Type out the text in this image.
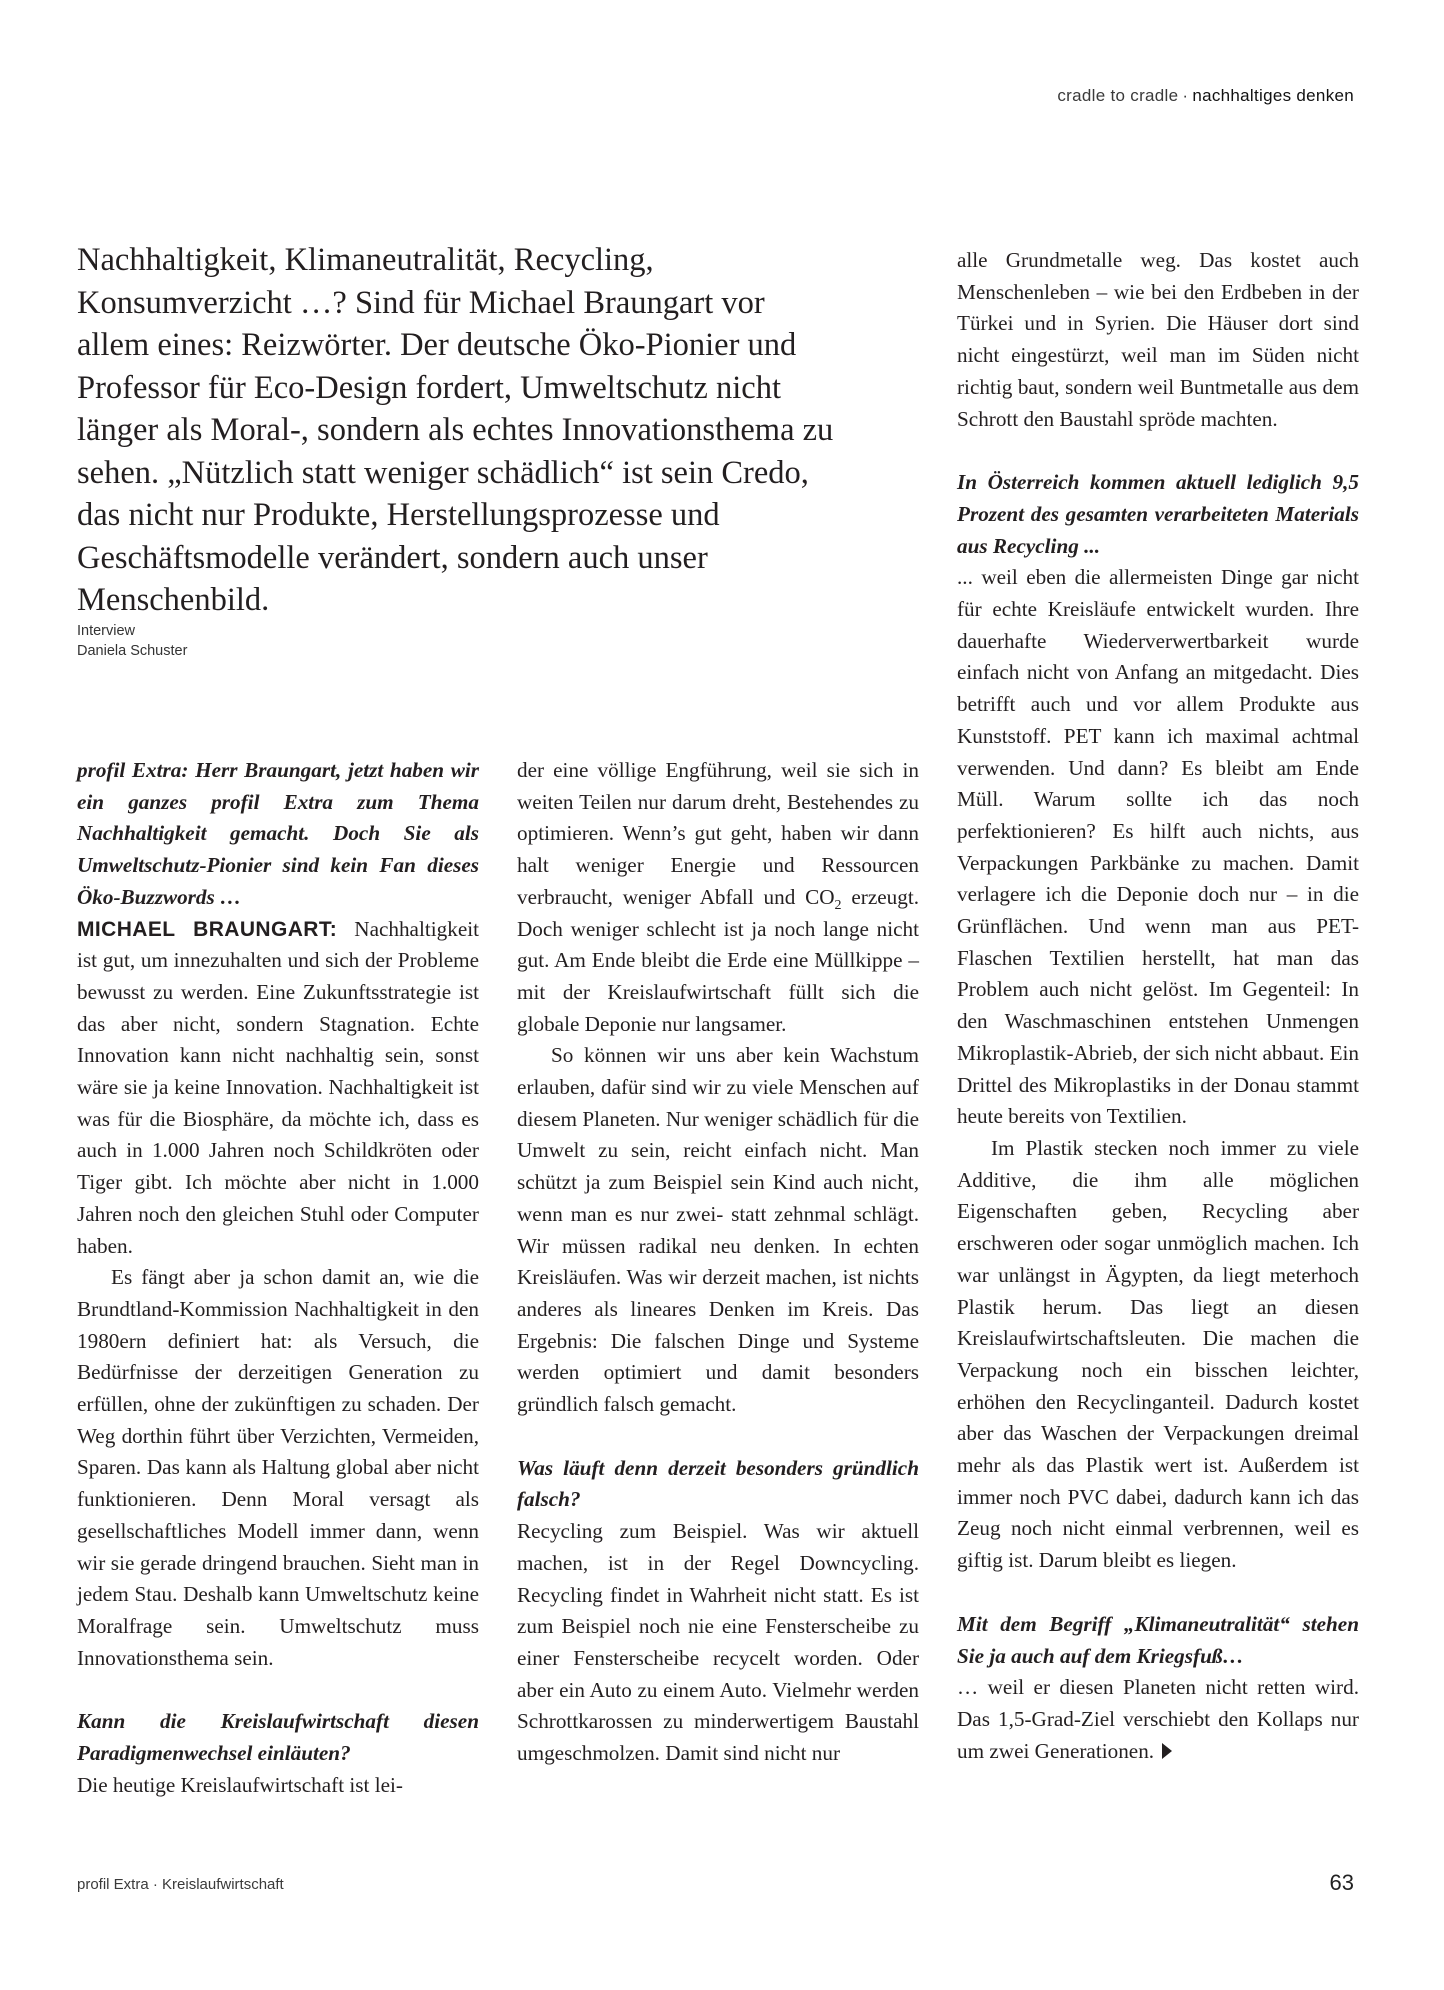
cradle to cradle · nachhaltiges denken

Nachhaltigkeit, Klimaneutralität, Recycling, Konsumverzicht …? Sind für Michael Braungart vor allem eines: Reizwörter. Der deutsche Öko-Pionier und Professor für Eco-Design fordert, Umweltschutz nicht länger als Moral-, sondern als echtes Innovationsthema zu sehen. „Nützlich statt weniger schädlich“ ist sein Credo, das nicht nur Produkte, Herstellungsprozesse und Geschäftsmodelle verändert, sondern auch unser Menschenbild.

Interview
Daniela Schuster

profil Extra: Herr Braungart, jetzt haben wir ein ganzes profil Extra zum Thema Nachhaltigkeit gemacht. Doch Sie als Umweltschutz-Pionier sind kein Fan dieses Öko-Buzzwords …

MICHAEL BRAUNGART: Nachhaltigkeit ist gut, um innezuhalten und sich der Probleme bewusst zu werden. Eine Zukunftsstrategie ist das aber nicht, sondern Stagnation. Echte Innovation kann nicht nachhaltig sein, sonst wäre sie ja keine Innovation. Nachhaltigkeit ist was für die Biosphäre, da möchte ich, dass es auch in 1.000 Jahren noch Schildkröten oder Tiger gibt. Ich möchte aber nicht in 1.000 Jahren noch den gleichen Stuhl oder Computer haben.

Es fängt aber ja schon damit an, wie die Brundtland-Kommission Nachhaltigkeit in den 1980ern definiert hat: als Versuch, die Bedürfnisse der derzeitigen Generation zu erfüllen, ohne der zukünftigen zu schaden. Der Weg dorthin führt über Verzichten, Vermeiden, Sparen. Das kann als Haltung global aber nicht funktionieren. Denn Moral versagt als gesellschaftliches Modell immer dann, wenn wir sie gerade dringend brauchen. Sieht man in jedem Stau. Deshalb kann Umweltschutz keine Moralfrage sein. Umweltschutz muss Innovationsthema sein.

Kann die Kreislaufwirtschaft diesen Paradigmenwechsel einläuten?

Die heutige Kreislaufwirtschaft ist lei-

der eine völlige Engführung, weil sie sich in weiten Teilen nur darum dreht, Bestehendes zu optimieren. Wenn’s gut geht, haben wir dann halt weniger Energie und Ressourcen verbraucht, weniger Abfall und $CO_2$ erzeugt. Doch weniger schlecht ist ja noch lange nicht gut. Am Ende bleibt die Erde eine Müllkippe – mit der Kreislaufwirtschaft füllt sich die globale Deponie nur langsamer.

So können wir uns aber kein Wachstum erlauben, dafür sind wir zu viele Menschen auf diesem Planeten. Nur weniger schädlich für die Umwelt zu sein, reicht einfach nicht. Man schützt ja zum Beispiel sein Kind auch nicht, wenn man es nur zwei- statt zehnmal schlägt. Wir müssen radikal neu denken. In echten Kreisläufen. Was wir derzeit machen, ist nichts anderes als lineares Denken im Kreis. Das Ergebnis: Die falschen Dinge und Systeme werden optimiert und damit besonders gründlich falsch gemacht.

Was läuft denn derzeit besonders gründlich falsch?

Recycling zum Beispiel. Was wir aktuell machen, ist in der Regel Downcycling. Recycling findet in Wahrheit nicht statt. Es ist zum Beispiel noch nie eine Fensterscheibe zu einer Fensterscheibe recycelt worden. Oder aber ein Auto zu einem Auto. Vielmehr werden Schrottkarossen zu minderwertigem Baustahl umgeschmolzen. Damit sind nicht nur

alle Grundmetalle weg. Das kostet auch Menschenleben – wie bei den Erdbeben in der Türkei und in Syrien. Die Häuser dort sind nicht eingestürzt, weil man im Süden nicht richtig baut, sondern weil Buntmetalle aus dem Schrott den Baustahl spröde machten.

In Österreich kommen aktuell lediglich 9,5 Prozent des gesamten verarbeiteten Materials aus Recycling ...

... weil eben die allermeisten Dinge gar nicht für echte Kreisläufe entwickelt wurden. Ihre dauerhafte Wiederverwertbarkeit wurde einfach nicht von Anfang an mitgedacht. Dies betrifft auch und vor allem Produkte aus Kunststoff. PET kann ich maximal achtmal verwenden. Und dann? Es bleibt am Ende Müll. Warum sollte ich das noch perfektionieren? Es hilft auch nichts, aus Verpackungen Parkbänke zu machen. Damit verlagere ich die Deponie doch nur – in die Grünflächen. Und wenn man aus PET-Flaschen Textilien herstellt, hat man das Problem auch nicht gelöst. Im Gegenteil: In den Waschmaschinen entstehen Unmengen Mikroplastik-Abrieb, der sich nicht abbaut. Ein Drittel des Mikroplastiks in der Donau stammt heute bereits von Textilien.

Im Plastik stecken noch immer zu viele Additive, die ihm alle möglichen Eigenschaften geben, Recycling aber erschweren oder sogar unmöglich machen. Ich war unlängst in Ägypten, da liegt meterhoch Plastik herum. Das liegt an diesen Kreislaufwirtschaftsleuten. Die machen die Verpackung noch ein bisschen leichter, erhöhen den Recyclinganteil. Dadurch kostet aber das Waschen der Verpackungen dreimal mehr als das Plastik wert ist. Außerdem ist immer noch PVC dabei, dadurch kann ich das Zeug noch nicht einmal verbrennen, weil es giftig ist. Darum bleibt es liegen.

Mit dem Begriff „Klimaneutralität“ stehen Sie ja auch auf dem Kriegsfuß…

… weil er diesen Planeten nicht retten wird. Das 1,5-Grad-Ziel verschiebt den Kollaps nur um zwei Generationen.

profil Extra · Kreislaufwirtschaft	63
